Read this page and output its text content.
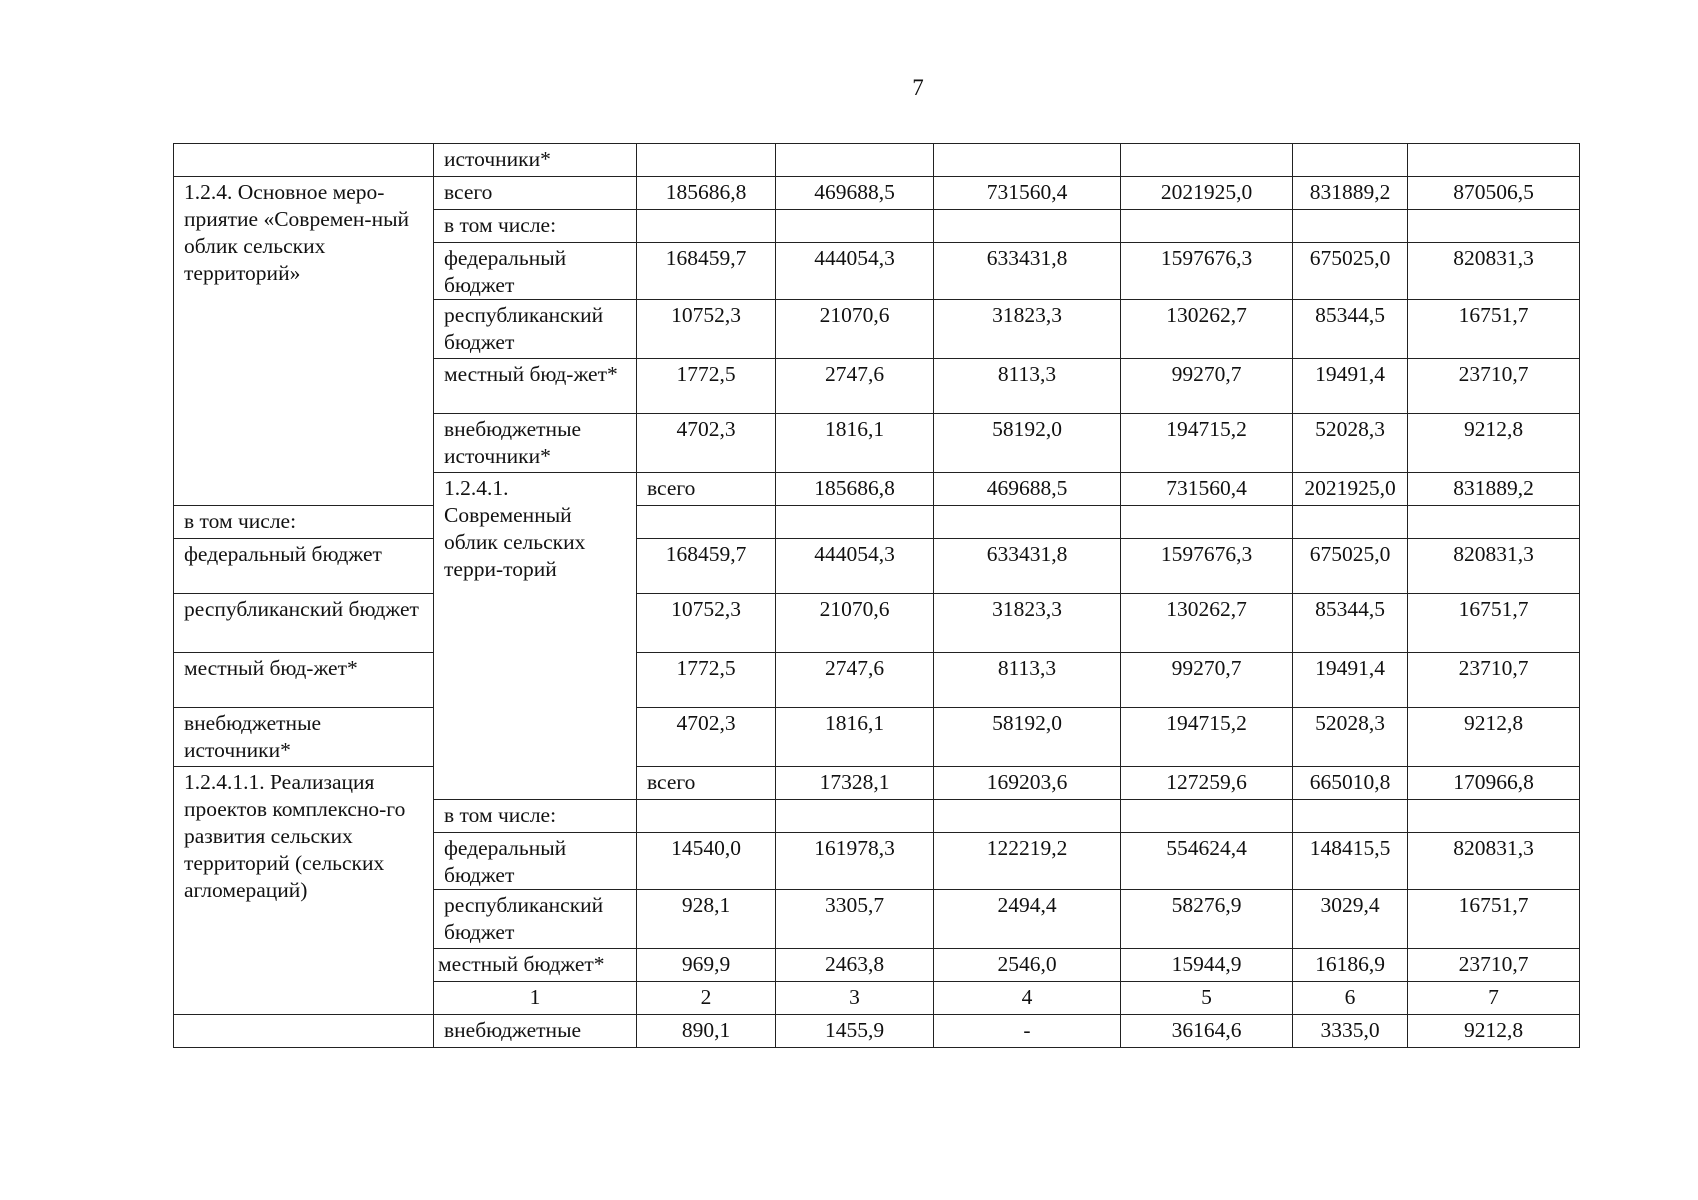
7
	источники*							
1.2.4. Основное меро-приятие «Современ-ный облик сельских территорий»	всего	185686,8	469688,5	731560,4	2021925,0	831889,2	870506,5	
	в том числе:							
	федеральный бюджет	168459,7	444054,3	633431,8	1597676,3	675025,0	820831,3	
	республиканский бюджет	10752,3	21070,6	31823,3	130262,7	85344,5	16751,7	
	местный бюд-жет*	1772,5	2747,6	8113,3	99270,7	19491,4	23710,7	
	внебюджетные источники*	4702,3	1816,1	58192,0	194715,2	52028,3	9212,8	
	1.2.4.1. Современный облик сельских терри-торий	всего	185686,8	469688,5	731560,4	2021925,0	831889,2	
в том числе:								
федеральный бюджет		168459,7	444054,3	633431,8	1597676,3	675025,0	820831,3	
республиканский бюджет		10752,3	21070,6	31823,3	130262,7	85344,5	16751,7	
местный бюд-жет*		1772,5	2747,6	8113,3	99270,7	19491,4	23710,7	
внебюджетные источники*		4702,3	1816,1	58192,0	194715,2	52028,3	9212,8	
1.2.4.1.1. Реализация проектов комплексно-го развития сельских территорий (сельских агломераций)		всего	17328,1	169203,6	127259,6	665010,8	170966,8	
	в том числе:							
	федеральный бюджет	14540,0	161978,3	122219,2	554624,4	148415,5	820831,3	
	республиканский бюджет	928,1	3305,7	2494,4	58276,9	3029,4	16751,7	
	местный бюджет*	969,9	2463,8	2546,0	15944,9	16186,9	23710,7	
	1	2	3	4	5	6	7	
	внебюджетные	890,1	1455,9	-	36164,6	3335,0	9212,8	
